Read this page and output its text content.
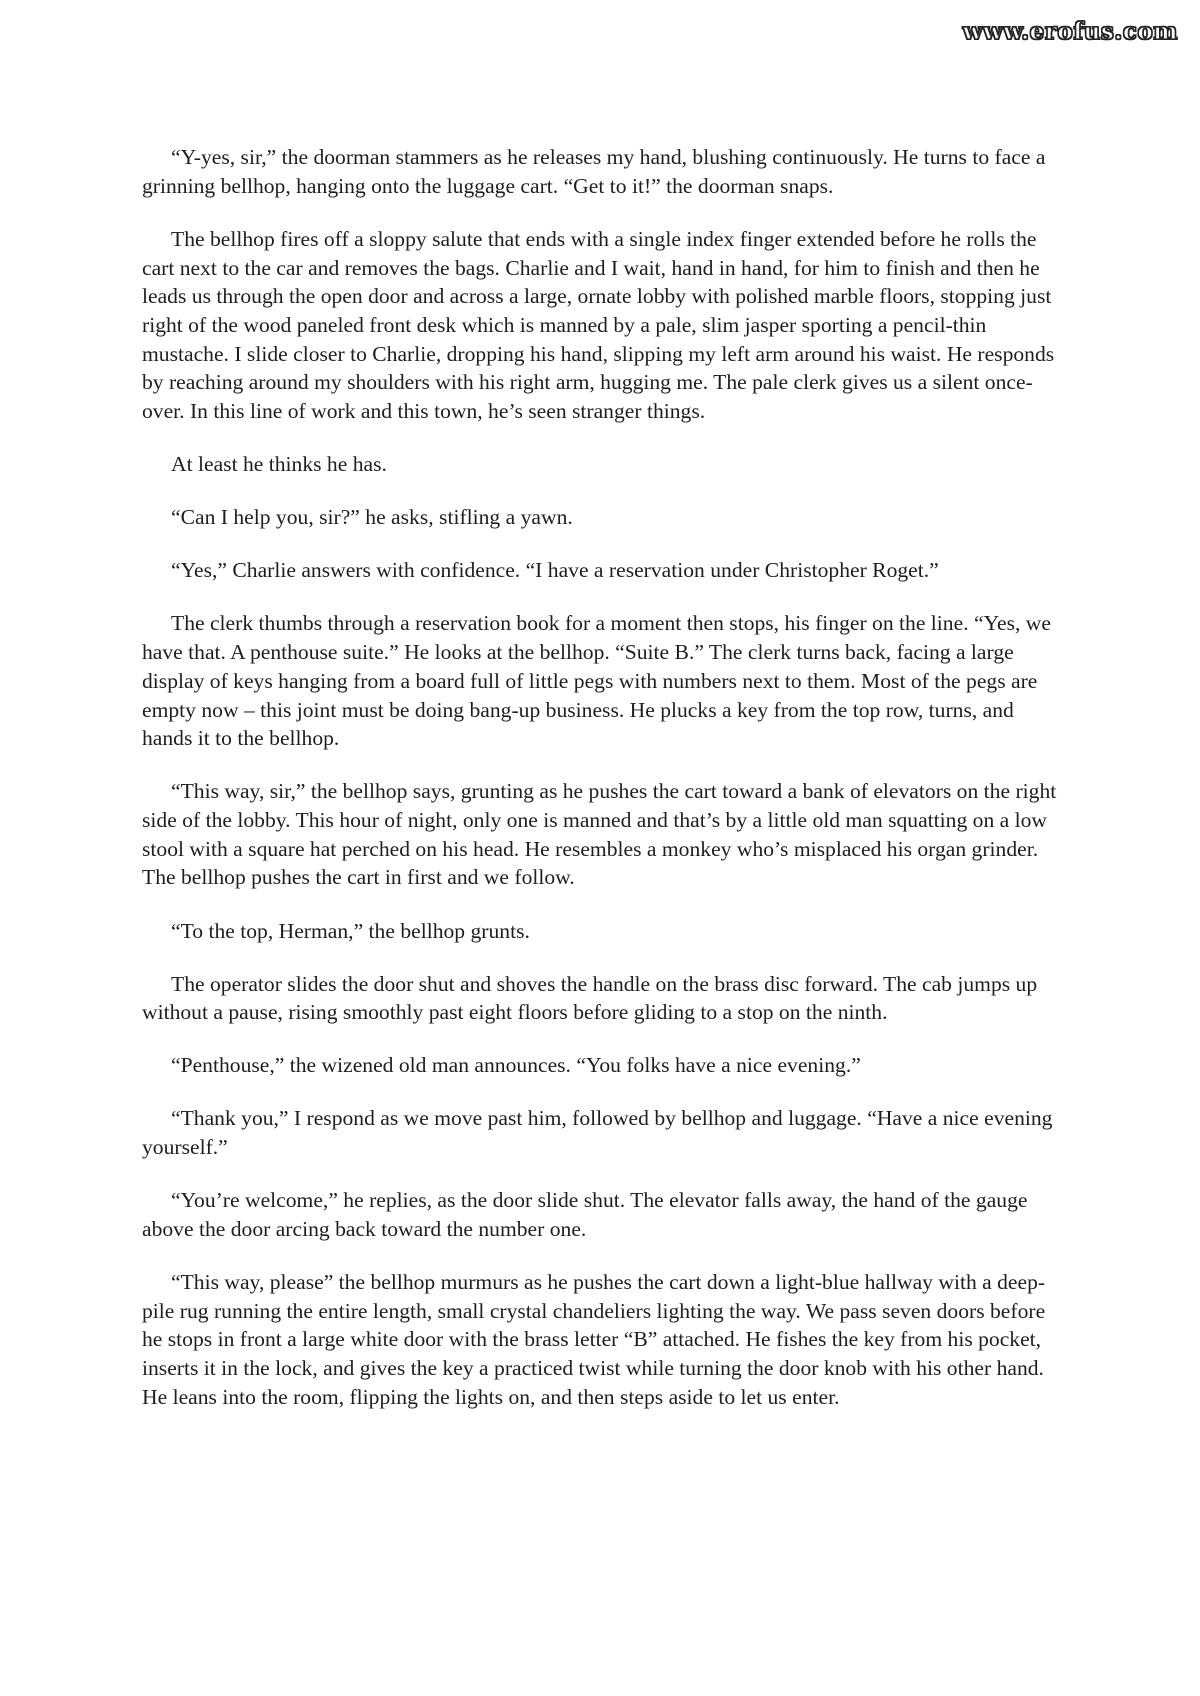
www.erofus.com

“Y-yes, sir,” the doorman stammers as he releases my hand, blushing continuously. He turns to face a grinning bellhop, hanging onto the luggage cart. “Get to it!” the doorman snaps.

The bellhop fires off a sloppy salute that ends with a single index finger extended before he rolls the cart next to the car and removes the bags. Charlie and I wait, hand in hand, for him to finish and then he leads us through the open door and across a large, ornate lobby with polished marble floors, stopping just right of the wood paneled front desk which is manned by a pale, slim jasper sporting a pencil-thin mustache. I slide closer to Charlie, dropping his hand, slipping my left arm around his waist. He responds by reaching around my shoulders with his right arm, hugging me. The pale clerk gives us a silent once-over. In this line of work and this town, he’s seen stranger things.

At least he thinks he has.

“Can I help you, sir?” he asks, stifling a yawn.

“Yes,” Charlie answers with confidence. “I have a reservation under Christopher Roget.”

The clerk thumbs through a reservation book for a moment then stops, his finger on the line. “Yes, we have that. A penthouse suite.” He looks at the bellhop. “Suite B.” The clerk turns back, facing a large display of keys hanging from a board full of little pegs with numbers next to them. Most of the pegs are empty now – this joint must be doing bang-up business. He plucks a key from the top row, turns, and hands it to the bellhop.

“This way, sir,” the bellhop says, grunting as he pushes the cart toward a bank of elevators on the right side of the lobby. This hour of night, only one is manned and that’s by a little old man squatting on a low stool with a square hat perched on his head. He resembles a monkey who’s misplaced his organ grinder. The bellhop pushes the cart in first and we follow.

“To the top, Herman,” the bellhop grunts.

The operator slides the door shut and shoves the handle on the brass disc forward. The cab jumps up without a pause, rising smoothly past eight floors before gliding to a stop on the ninth.

“Penthouse,” the wizened old man announces. “You folks have a nice evening.”

“Thank you,” I respond as we move past him, followed by bellhop and luggage. “Have a nice evening yourself.”

“You’re welcome,” he replies, as the door slide shut. The elevator falls away, the hand of the gauge above the door arcing back toward the number one.

“This way, please” the bellhop murmurs as he pushes the cart down a light-blue hallway with a deep-pile rug running the entire length, small crystal chandeliers lighting the way. We pass seven doors before he stops in front a large white door with the brass letter “B” attached. He fishes the key from his pocket, inserts it in the lock, and gives the key a practiced twist while turning the door knob with his other hand. He leans into the room, flipping the lights on, and then steps aside to let us enter.
